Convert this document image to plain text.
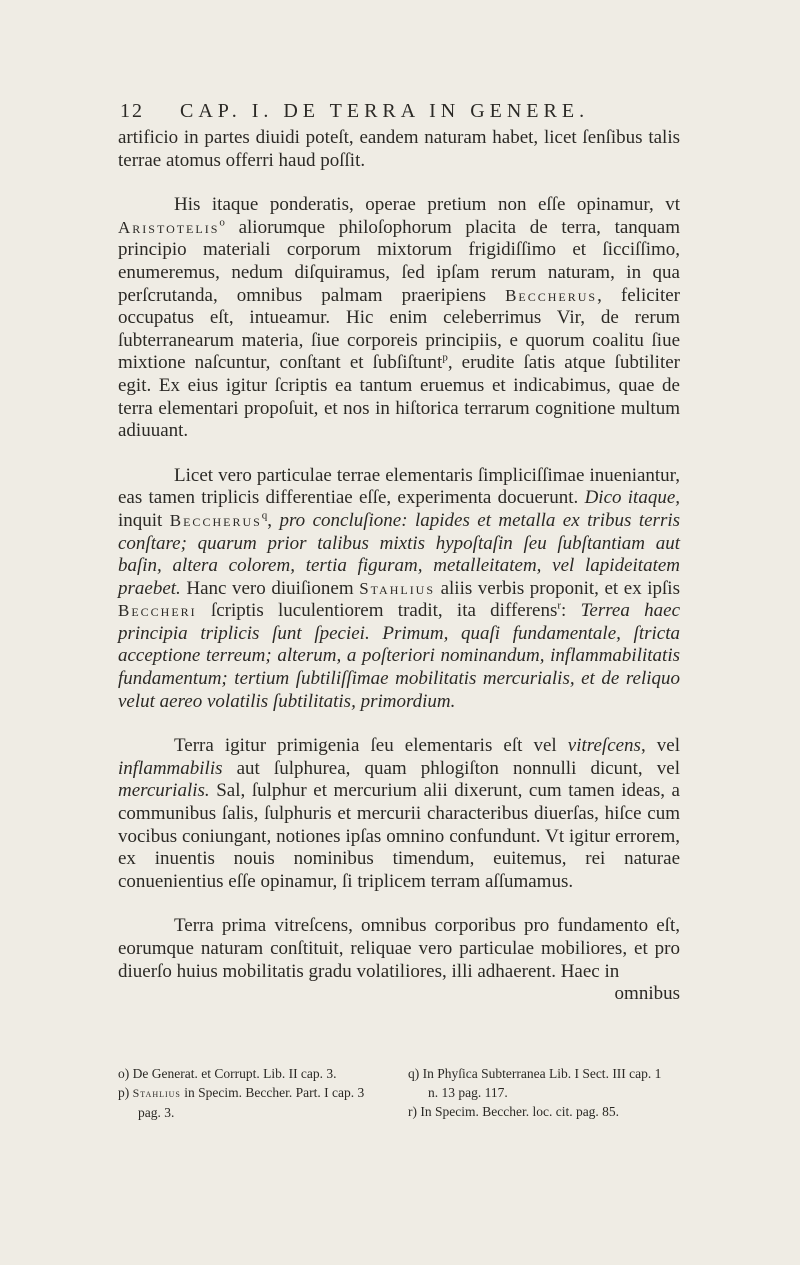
12 CAP. I. DE TERRA IN GENERE.

artificio in partes diuidi poteſt, eandem naturam habet, licet ſenſibus talis terrae atomus offerri haud poſſit.

His itaque ponderatis, operae pretium non eſſe opinamur, vt Ariſtotelis$^o$ aliorumque philoſophorum placita de terra, tanquam principio materiali corporum mixtorum frigidiſſimo et ſicciſſimo, enumeremus, nedum diſquiramus, ſed ipſam rerum naturam, in qua perſcrutanda, omnibus palmam praeripiens Beccherus, feliciter occupatus eſt, intueamur. Hic enim celeberrimus Vir, de rerum ſubterranearum materia, ſiue corporeis principiis, e quorum coalitu ſiue mixtione naſcuntur, conſtant et ſubſiſtunt$^p$, erudite ſatis atque ſubtiliter egit. Ex eius igitur ſcriptis ea tantum eruemus et indicabimus, quae de terra elementari propoſuit, et nos in hiſtorica terrarum cognitione multum adiuuant.

Licet vero particulae terrae elementaris ſimpliciſſimae inueniantur, eas tamen triplicis differentiae eſſe, experimenta docuerunt. Dico itaque, inquit Beccherus$^q$, pro concluſione: lapides et metalla ex tribus terris conſtare; quarum prior talibus mixtis hypoſtaſin ſeu ſubſtantiam aut baſin, altera colorem, tertia figuram, metalleitatem, vel lapideitatem praebet. Hanc vero diuiſionem Stahlius aliis verbis proponit, et ex ipſis Beccheri ſcriptis luculentiorem tradit, ita differens$^r$: Terrea haec principia triplicis ſunt ſpeciei. Primum, quaſi fundamentale, ſtricta acceptione terreum; alterum, a poſteriori nominandum, inflammabilitatis fundamentum; tertium ſubtiliſſimae mobilitatis mercurialis, et de reliquo velut aereo volatilis ſubtilitatis, primordium.

Terra igitur primigenia ſeu elementaris eſt vel vitreſcens, vel inflammabilis aut ſulphurea, quam phlogiſton nonnulli dicunt, vel mercurialis. Sal, ſulphur et mercurium alii dixerunt, cum tamen ideas, a communibus ſalis, ſulphuris et mercurii characteribus diuerſas, hiſce cum vocibus coniungant, notiones ipſas omnino confundunt. Vt igitur errorem, ex inuentis nouis nominibus timendum, euitemus, rei naturae conuenientius eſſe opinamur, ſi triplicem terram aſſumamus.

Terra prima vitreſcens, omnibus corporibus pro fundamento eſt, eorumque naturam conſtituit, reliquae vero particulae mobiliores, et pro diuerſo huius mobilitatis gradu volatiliores, illi adhaerent. Haec in

omnibus

o) De Generat. et Corrupt. Lib. II cap. 3.
p) Stahlius in Specim. Beccher. Part. I cap. 3
pag. 3.
q) In Phyſica Subterranea Lib. I Sect. III cap. 1
n. 13 pag. 117.
r) In Specim. Beccher. loc. cit. pag. 85.
